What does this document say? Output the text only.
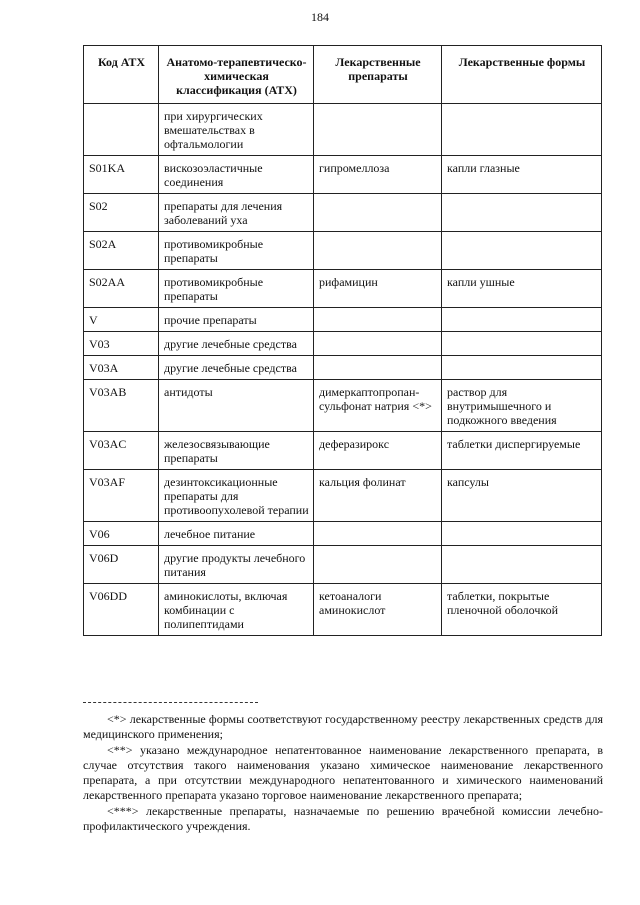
184
Код АТХ	Анатомо-терапевтическо-химическая классификация (АТХ)	Лекарственные препараты	Лекарственные формы
	при хирургических вмешательствах в офтальмологии		
S01KA	вискозоэластичные соединения	гипромеллоза	капли глазные
S02	препараты для лечения заболеваний уха		
S02A	противомикробные препараты		
S02AA	противомикробные препараты	рифамицин	капли ушные
V	прочие препараты		
V03	другие лечебные средства		
V03A	другие лечебные средства		
V03AB	антидоты	димеркаптопропан-сульфонат натрия <*>	раствор для внутримышечного и подкожного введения
V03AC	железосвязывающие препараты	деферазирокс	таблетки диспергируемые
V03AF	дезинтоксикационные препараты для противоопухолевой терапии	кальция фолинат	капсулы
V06	лечебное питание		
V06D	другие продукты лечебного питания		
V06DD	аминокислоты, включая комбинации с полипептидами	кетоаналоги аминокислот	таблетки, покрытые пленочной оболочкой

<*> лекарственные формы соответствуют государственному реестру лекарственных средств для медицинского применения;

<**> указано международное непатентованное наименование лекарственного препарата, в случае отсутствия такого наименования указано химическое наименование лекарственного препарата, а при отсутствии международного непатентованного и химического наименований лекарственного препарата указано торговое наименование лекарственного препарата;

<***> лекарственные препараты, назначаемые по решению врачебной комиссии лечебно-профилактического учреждения.
